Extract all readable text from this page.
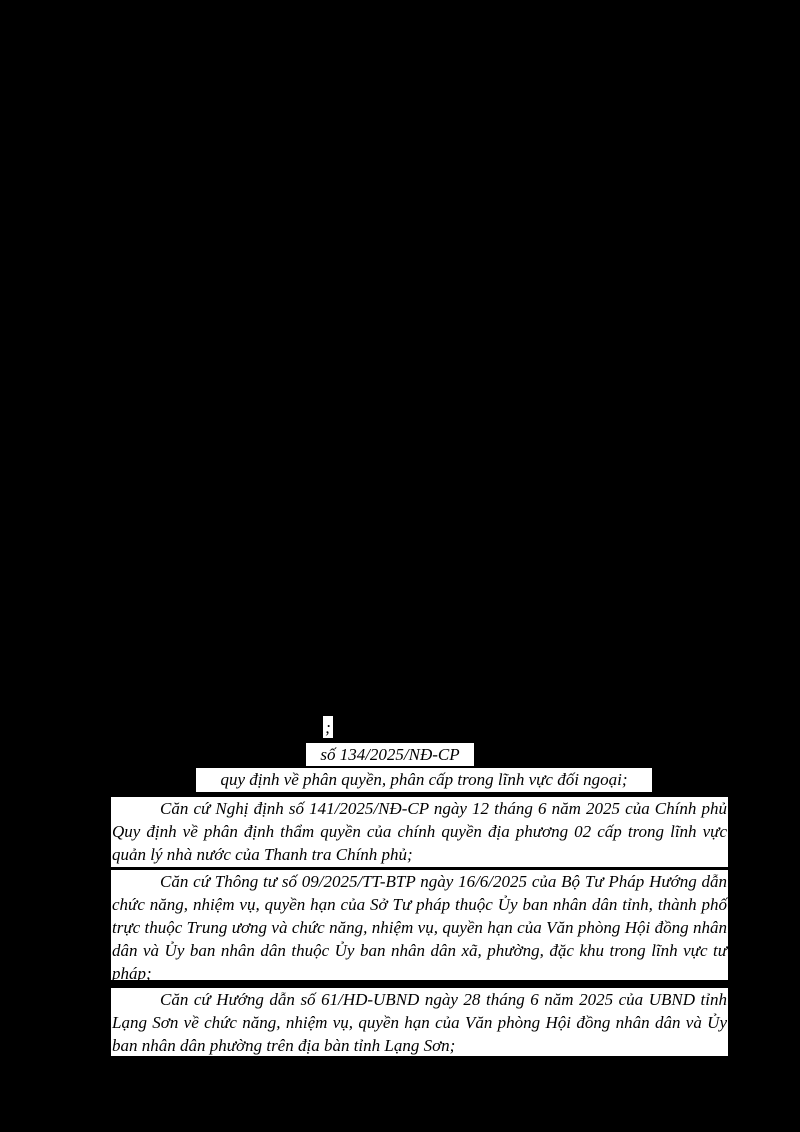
;
số 134/2025/NĐ-CP
quy định về phân quyền, phân cấp trong lĩnh vực đối ngoại;

Căn cứ Nghị định số 141/2025/NĐ-CP ngày 12 tháng 6 năm 2025 của Chính phủ Quy định về phân định thẩm quyền của chính quyền địa phương 02 cấp trong lĩnh vực quản lý nhà nước của Thanh tra Chính phủ;

Căn cứ Thông tư số 09/2025/TT-BTP ngày 16/6/2025 của Bộ Tư Pháp Hướng dẫn chức năng, nhiệm vụ, quyền hạn của Sở Tư pháp thuộc Ủy ban nhân dân tỉnh, thành phố trực thuộc Trung ương và chức năng, nhiệm vụ, quyền hạn của Văn phòng Hội đồng nhân dân và Ủy ban nhân dân thuộc Ủy ban nhân dân xã, phường, đặc khu trong lĩnh vực tư pháp;

Căn cứ Hướng dẫn số 61/HD-UBND ngày 28 tháng 6 năm 2025 của UBND tỉnh Lạng Sơn về chức năng, nhiệm vụ, quyền hạn của Văn phòng Hội đồng nhân dân và Ủy ban nhân dân phường trên địa bàn tỉnh Lạng Sơn;
